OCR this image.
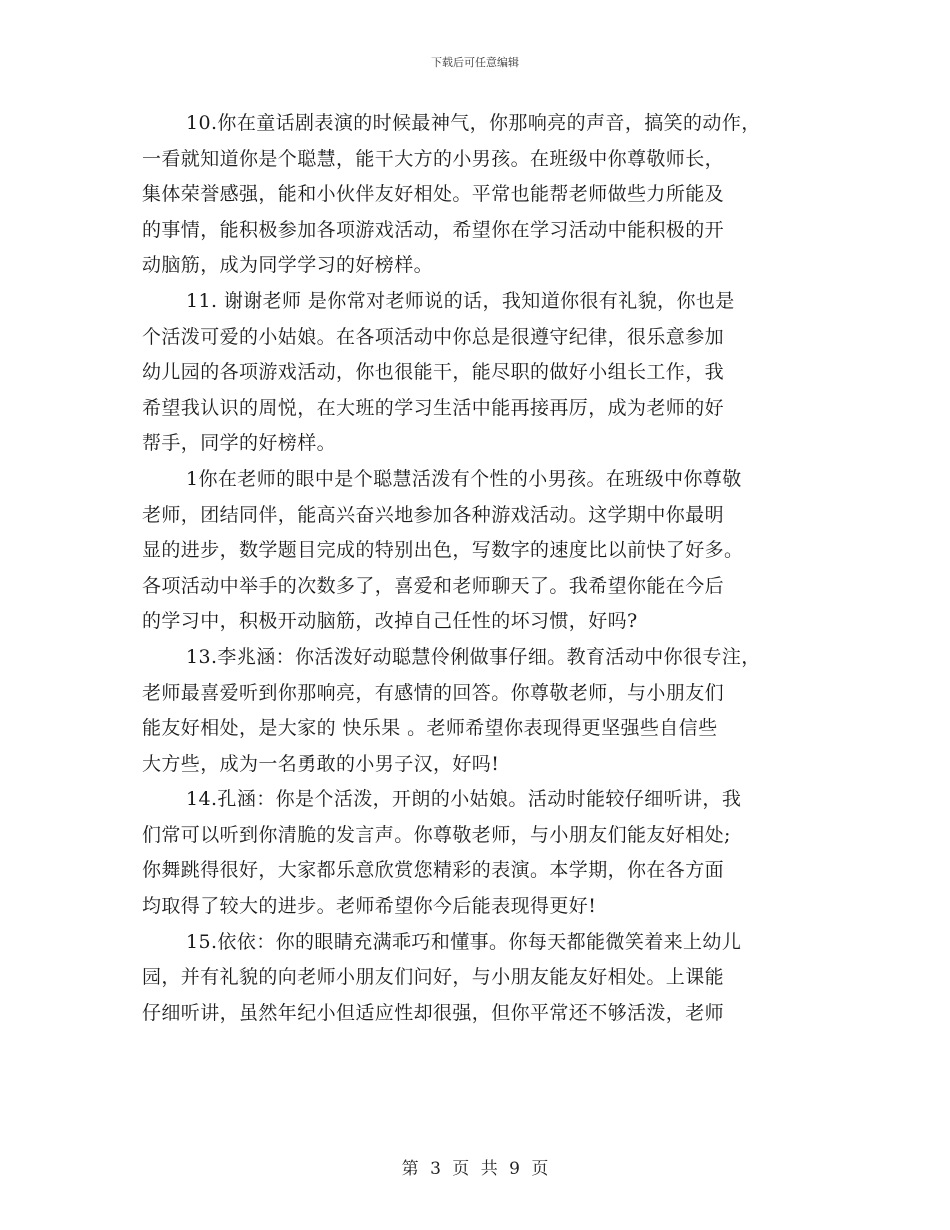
下载后可任意编辑
10.你在童话剧表演的时候最神气，你那响亮的声音，搞笑的动作，
一看就知道你是个聪慧，能干大方的小男孩。在班级中你尊敬师长，
集体荣誉感强，能和小伙伴友好相处。平常也能帮老师做些力所能及
的事情，能积极参加各项游戏活动，希望你在学习活动中能积极的开
动脑筋，成为同学学习的好榜样。
11. 谢谢老师 是你常对老师说的话，我知道你很有礼貌，你也是
个活泼可爱的小姑娘。在各项活动中你总是很遵守纪律，很乐意参加
幼儿园的各项游戏活动，你也很能干，能尽职的做好小组长工作，我
希望我认识的周悦，在大班的学习生活中能再接再厉，成为老师的好
帮手，同学的好榜样。
1你在老师的眼中是个聪慧活泼有个性的小男孩。在班级中你尊敬
老师，团结同伴，能高兴奋兴地参加各种游戏活动。这学期中你最明
显的进步，数学题目完成的特别出色，写数字的速度比以前快了好多。
各项活动中举手的次数多了，喜爱和老师聊天了。我希望你能在今后
的学习中，积极开动脑筋，改掉自己任性的坏习惯，好吗?
13.李兆涵：你活泼好动聪慧伶俐做事仔细。教育活动中你很专注，
老师最喜爱听到你那响亮，有感情的回答。你尊敬老师，与小朋友们
能友好相处，是大家的 快乐果 。老师希望你表现得更坚强些自信些
大方些，成为一名勇敢的小男子汉，好吗!
14.孔涵：你是个活泼，开朗的小姑娘。活动时能较仔细听讲，我
们常可以听到你清脆的发言声。你尊敬老师，与小朋友们能友好相处;
你舞跳得很好，大家都乐意欣赏您精彩的表演。本学期，你在各方面
均取得了较大的进步。老师希望你今后能表现得更好!
15.依依：你的眼睛充满乖巧和懂事。你每天都能微笑着来上幼儿
园，并有礼貌的向老师小朋友们问好，与小朋友能友好相处。上课能
仔细听讲，虽然年纪小但适应性却很强，但你平常还不够活泼，老师
第 3 页 共 9 页
